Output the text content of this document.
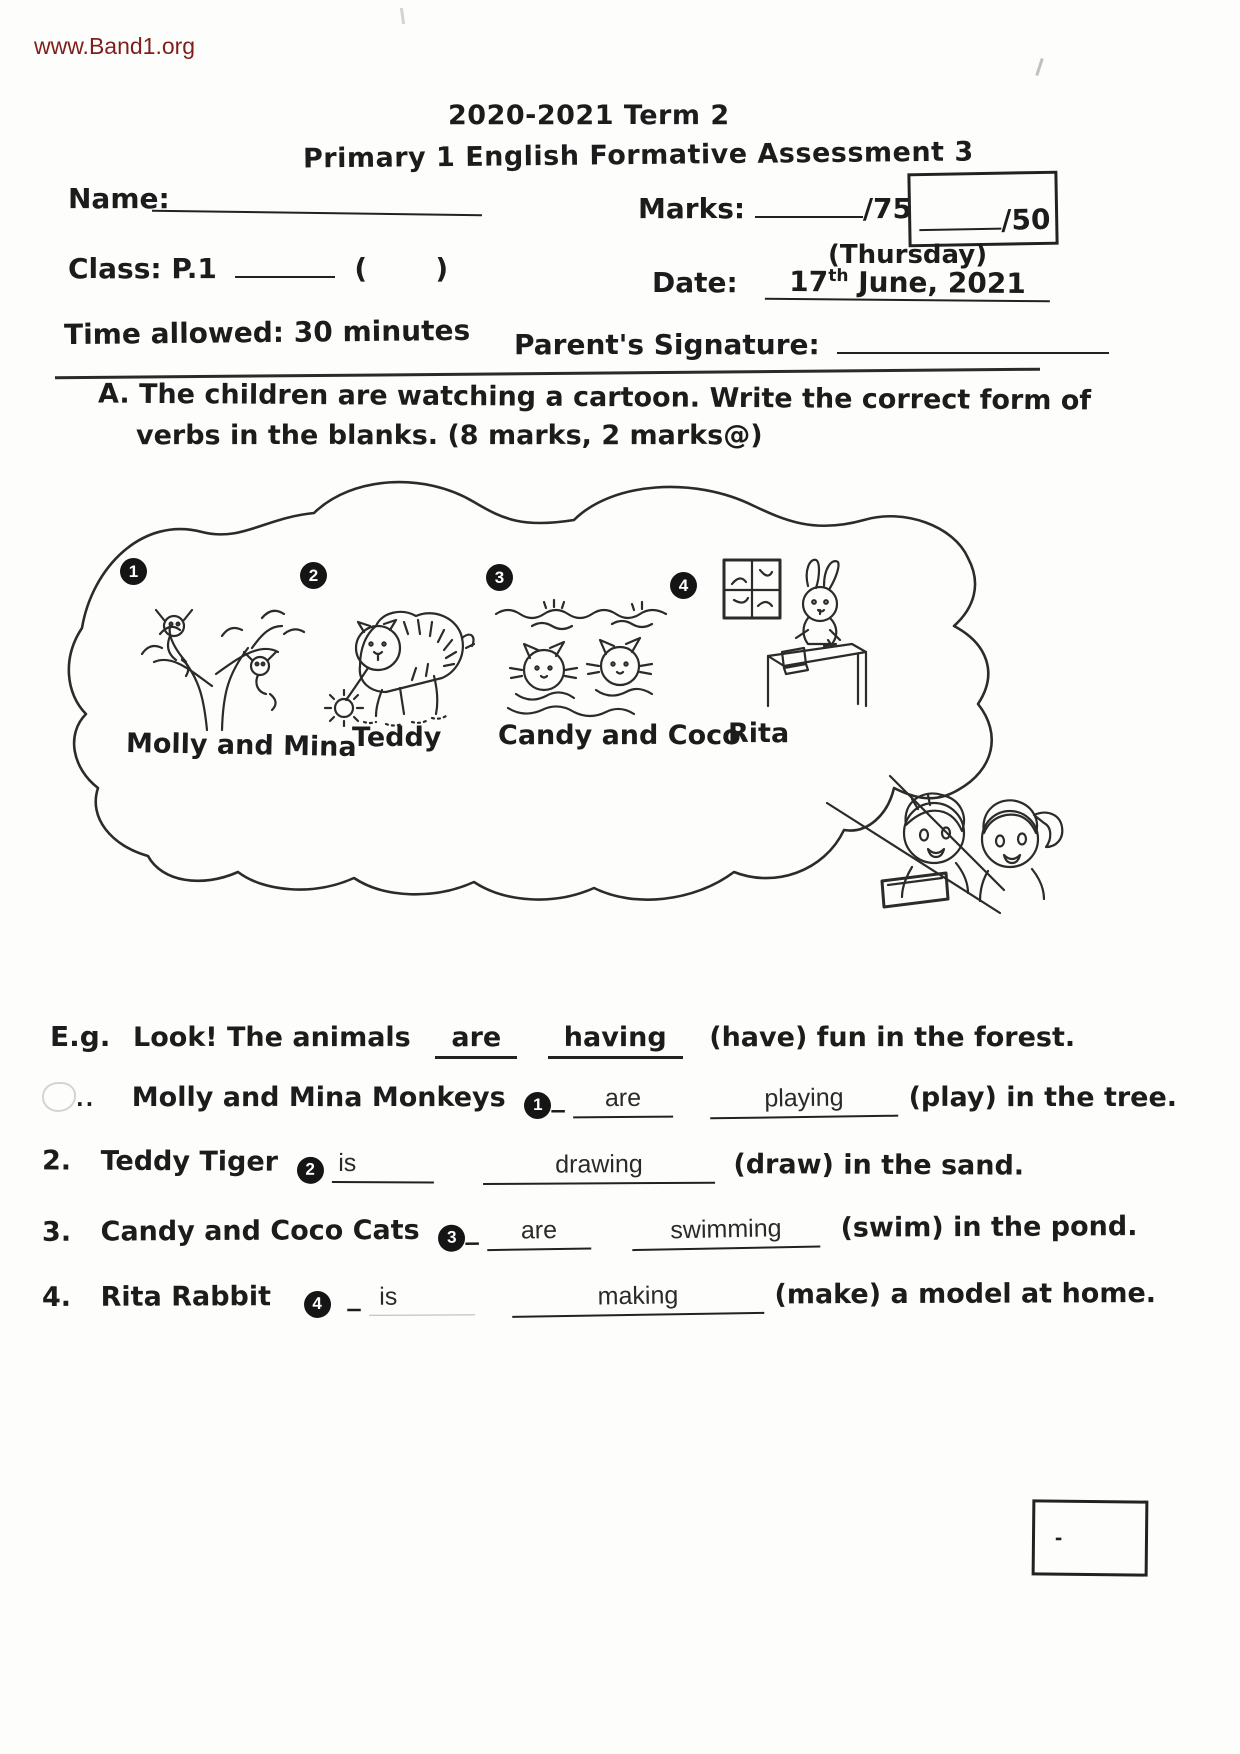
www.Band1.org
2020-2021 Term 2
Primary 1 English Formative Assessment 3
Name:	Marks:	/75	/50
Class: P.1	(       )	(Thursday)
Date: 17th June, 2021
Time allowed: 30 minutes Parent's Signature:
A. The children are watching a cartoon. Write the correct form of
verbs in the blanks. (8 marks, 2 marks@)
1
Molly and Mina
2
Teddy
3
Candy and Coco
4
Rita
E.g. Look! The animals are having (have) fun in the forest.
.. Molly and Mina Monkeys 1 _ are	playing (play) in the tree.
2. Teddy Tiger 2 is	drawing	(draw) in the sand.
3. Candy and Coco Cats 3 _ are	swimming (swim) in the pond.
4. Rita Rabbit 4 _ is	making	(make) a model at home.
-
